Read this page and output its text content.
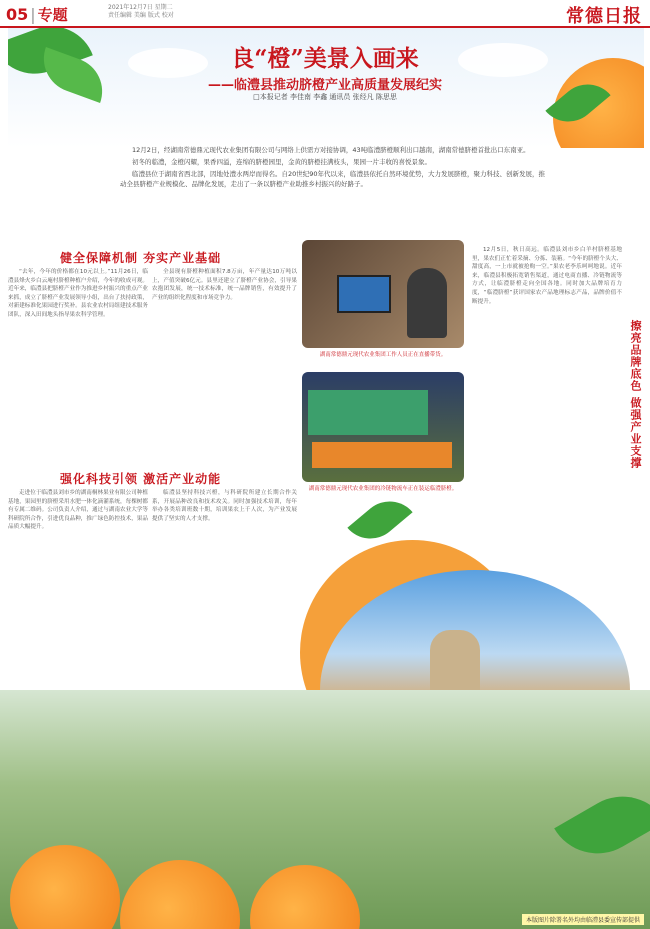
05 | 专题	2021年12月7日 星期二
责任编辑 美编 版式 校对	常德日报
良“橙”美景入画来
——临澧县推动脐橙产业高质量发展纪实
□本报记者 李佳南 李鑫 通讯员 张经凡 陈思思

12月2日，经湖南常德鼎元现代农业集团有限公司与网络上供需方对接协调，43吨临澧脐橙顺利出口越南，湖南常德脐橙首批出口东南亚。

初冬的临澧，金橙闪耀，果香四溢，连绵的脐橙园里，金黄的脐橙挂满枝头，果园一片丰收的喜悦景象。

临澧县位于湖南省西北部，因地处澧水两岸而得名。自20世纪90年代以来，临澧县依托自然环境优势，大力发展脐橙，聚力科技、创新发展，推动全县脐橙产业规模化、品牌化发展，走出了一条以脐橙产业助推乡村振兴的好路子。

健全保障机制 夯实产业基础

“去年，今年的价格都在10元以上。”11月26日，临澧县烽火乡白云庵村脐橙种植户介绍，今年的收成可观。近年来，临澧县把脐橙产业作为推进乡村振兴的重点产业来抓，成立了脐橙产业发展领导小组，出台了扶持政策，对新建标准化果园进行奖补。县农业农村局组建技术服务团队，深入田间地头指导果农科学管理。

全县现有脐橙种植面积7.8万亩，年产量达10万吨以上，产值突破6亿元。县里还建立了脐橙产业协会，引导果农抱团发展，统一技术标准，统一品牌销售，有效提升了产业的组织化程度和市场竞争力。

湖南常德鼎元现代农业集团工作人员正在直播带货。
湖南常德鼎元现代农业集团的冷链物流车正在装运临澧脐橙。

12月5日，秋日高远。临澧县刘市乡白羊村脐橙基地里，果农们正忙着采摘、分拣、装箱。“今年的脐橙个头大、甜度高，一上市就被抢购一空。”果农老李乐呵呵地说。近年来，临澧县积极拓宽销售渠道，通过电商直播、冷链物流等方式，让临澧脐橙走向全国各地。同时加大品牌培育力度，“临澧脐橙”获评国家农产品地理标志产品，品牌价值不断提升。

擦亮品牌底色 做强产业支撑
强化科技引领 激活产业动能

走进位于临澧县刘市乡的湖南桐林果业有限公司种植基地，果园里的脐橙采用水肥一体化滴灌系统，每棵树都有专属二维码。公司负责人介绍，通过与湖南农业大学等科研院所合作，引进优良品种，推广绿色防控技术，果品品质大幅提升。

临澧县坚持科技兴橙，与科研院所建立长期合作关系，开展品种改良和技术攻关。同时加强技术培训，每年举办各类培训班数十期，培训果农上千人次，为产业发展提供了坚实的人才支撑。

本版图片除署名外均由临澧县委宣传部提供
